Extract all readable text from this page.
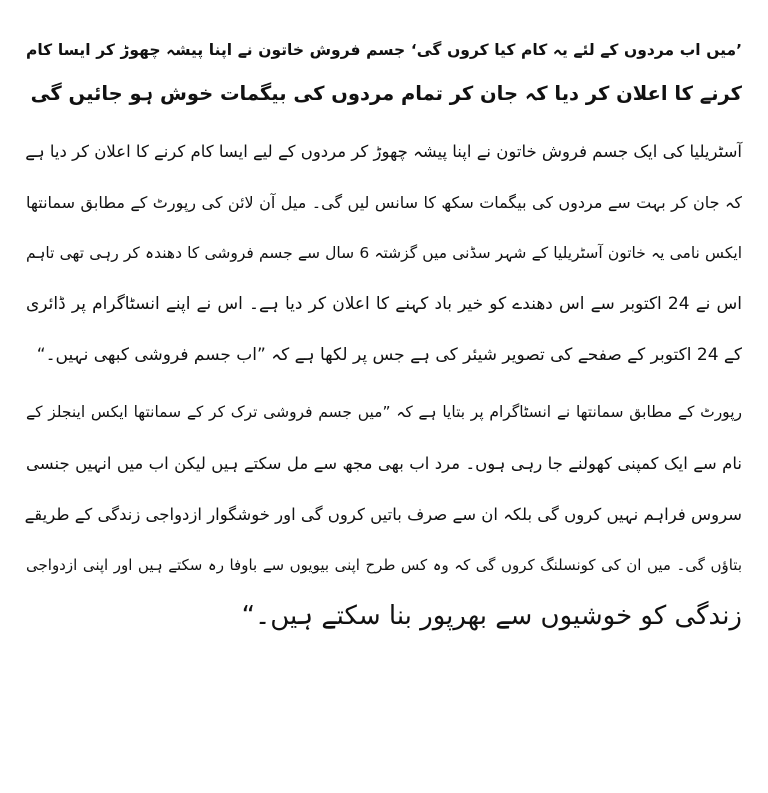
’میں اب مردوں کے لئے یہ کام کیا کروں گی‘ جسم فروش خاتون نے اپنا پیشہ چھوڑ کر ایسا کام
کرنے کا اعلان کر دیا کہ جان کر تمام مردوں کی بیگمات خوش ہو جائیں گی
آسٹریلیا کی ایک جسم فروش خاتون نے اپنا پیشہ چھوڑ کر مردوں کے لیے ایسا کام کرنے کا اعلان کر دیا ہے
کہ جان کر بہت سے مردوں کی بیگمات سکھ کا سانس لیں گی۔ میل آن لائن کی رپورٹ کے مطابق سمانتھا
ایکس نامی یہ خاتون آسٹریلیا کے شہر سڈنی میں گزشتہ 6 سال سے جسم فروشی کا دھندہ کر رہی تھی تاہم
اس نے 24 اکتوبر سے اس دھندے کو خیر باد کہنے کا اعلان کر دیا ہے۔ اس نے اپنے انسٹاگرام پر ڈائری
کے 24 اکتوبر کے صفحے کی تصویر شیئر کی ہے جس پر لکھا ہے کہ ”اب جسم فروشی کبھی نہیں۔“
رپورٹ کے مطابق سمانتھا نے انسٹاگرام پر بتایا ہے کہ ”میں جسم فروشی ترک کر کے سمانتھا ایکس اینجلز کے
نام سے ایک کمپنی کھولنے جا رہی ہوں۔ مرد اب بھی مجھ سے مل سکتے ہیں لیکن اب میں انہیں جنسی
سروس فراہم نہیں کروں گی بلکہ ان سے صرف باتیں کروں گی اور خوشگوار ازدواجی زندگی کے طریقے
بتاؤں گی۔ میں ان کی کونسلنگ کروں گی کہ وہ کس طرح اپنی بیویوں سے باوفا رہ سکتے ہیں اور اپنی ازدواجی
زندگی کو خوشیوں سے بھرپور بنا سکتے ہیں۔“
